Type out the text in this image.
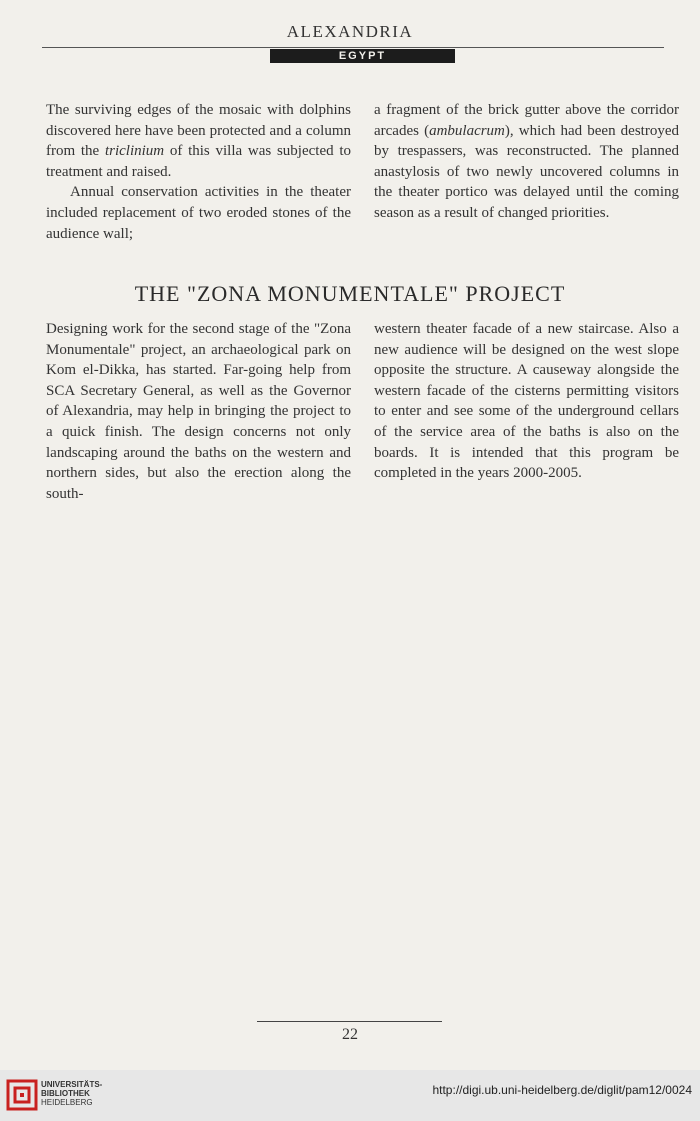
ALEXANDRIA
EGYPT

The surviving edges of the mosaic with dolphins discovered here have been protected and a column from the triclinium of this villa was subjected to treatment and raised.

Annual conservation activities in the theater included replacement of two eroded stones of the audience wall;

a fragment of the brick gutter above the corridor arcades (ambulacrum), which had been destroyed by trespassers, was reconstructed. The planned anastylosis of two newly uncovered columns in the theater portico was delayed until the coming season as a result of changed priorities.

THE "ZONA MONUMENTALE" PROJECT

Designing work for the second stage of the "Zona Monumentale" project, an archaeological park on Kom el-Dikka, has started. Far-going help from SCA Secretary General, as well as the Governor of Alexandria, may help in bringing the project to a quick finish. The design concerns not only landscaping around the baths on the western and northern sides, but also the erection along the south-

western theater facade of a new staircase. Also a new audience will be designed on the west slope opposite the structure. A causeway alongside the western facade of the cisterns permitting visitors to enter and see some of the underground cellars of the service area of the baths is also on the boards. It is intended that this program be completed in the years 2000-2005.

22
UNIVERSITÄTS-
BIBLIOTHEK
HEIDELBERG
http://digi.ub.uni-heidelberg.de/diglit/pam12/0024
